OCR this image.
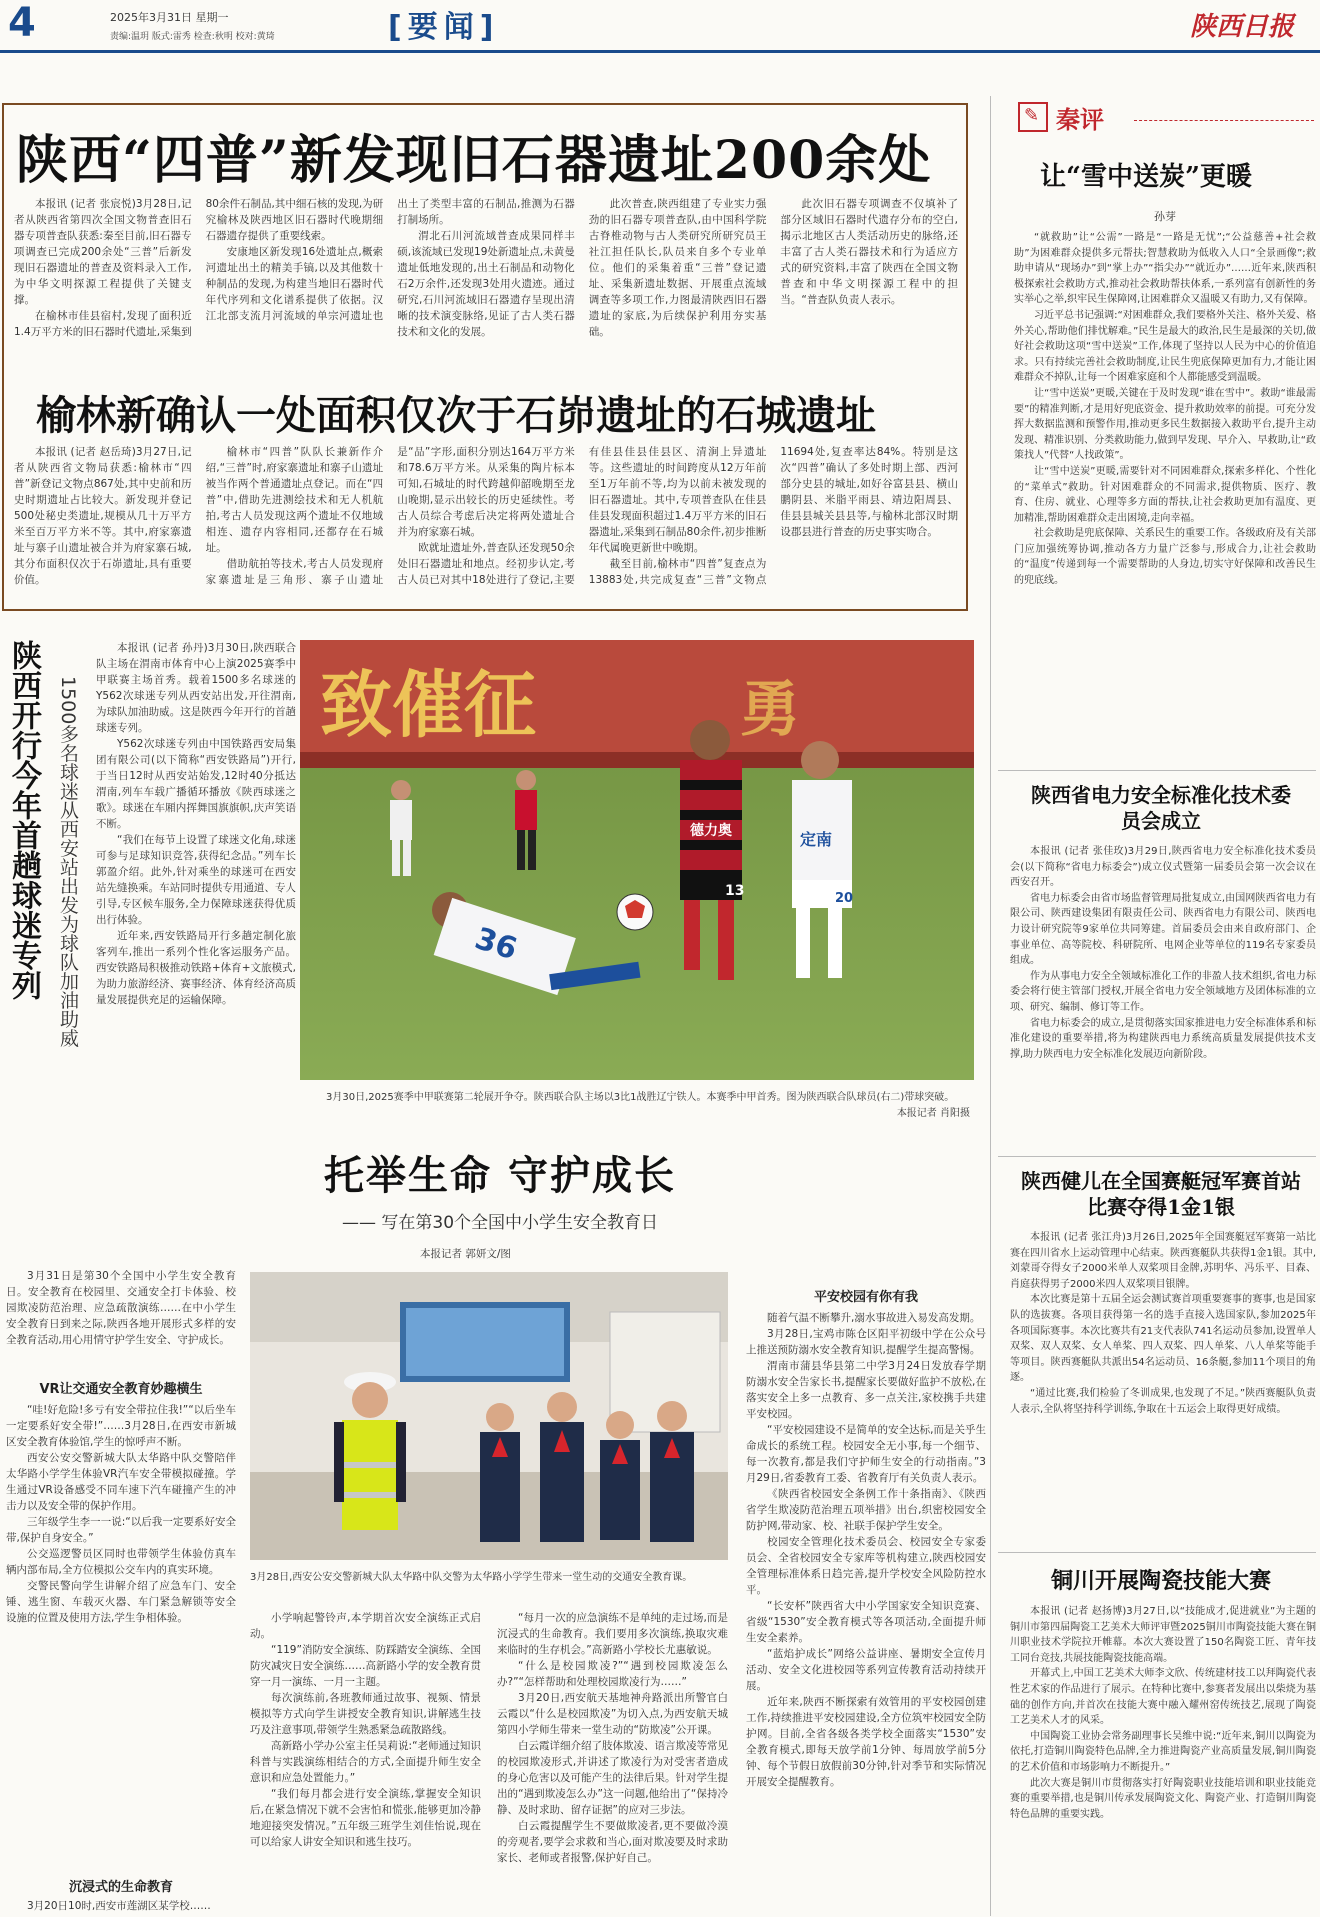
4	2025年3月31日 星期一
责编:温玥 版式:雷秀 检查:秋明 校对:黄琦	[要闻]	陕西日报
陕西“四普”新发现旧石器遗址200余处

本报讯 (记者 张宸悦)3月28日,记者从陕西省第四次全国文物普查旧石器专项普查队获悉:秦至目前,旧石器专项调查已完成200余处“三普”后新发现旧石器遗址的普查及资料录入工作,为中华文明探源工程提供了关键支撑。

在榆林市佳县宿村,发现了面积近1.4万平方米的旧石器时代遗址,采集到80余件石制品,其中细石核的发现,为研究榆林及陕西地区旧石器时代晚期细石器遗存提供了重要线索。

安康地区新发现16处遗址点,概索河遗址出土的精美手镐,以及其他数十种制品的发现,为构建当地旧石器时代年代序列和文化谱系提供了依据。汉江北部支流月河流域的单宗河遗址也出土了类型丰富的石制品,推测为石器打制场所。

渭北石川河流域普查成果同样丰硕,该流域已发现19处新遗址点,未黄曼遗址低地发现的,出土石制品和动物化石2万余件,还发现3处用火遗迹。通过研究,石川河流域旧石器遗存呈现出清晰的技术演变脉络,见证了古人类石器技术和文化的发展。

此次普查,陕西组建了专业实力强劲的旧石器专项普查队,由中国科学院古脊椎动物与古人类研究所研究员王社江担任队长,队员来自多个专业单位。他们的采集着重“三普”登记遗址、采集新遗址数据、开展重点流域调查等多项工作,力图最清陕西旧石器遗址的家底,为后续保护利用夯实基础。

此次旧石器专项调查不仅填补了部分区域旧石器时代遗存分布的空白,揭示北地区古人类活动历史的脉络,还丰富了古人类石器技术和行为适应方式的研究资料,丰富了陕西在全国文物普查和中华文明探源工程中的担当。“普查队负责人表示。

榆林新确认一处面积仅次于石峁遗址的石城遗址

本报讯 (记者 赵岳琦)3月27日,记者从陕西省文物局获悉:榆林市“四普”新登记文物点867处,其中史前和历史时期遗址占比较大。新发现并登记500处秘史类遗址,规模从几十万平方米至百万平方米不等。其中,府家寨遗址与寨子山遗址被合并为府家寨石城,其分布面积仅次于石峁遗址,具有重要价值。

榆林市“四普”队队长兼新作介绍,“三普”时,府家寨遗址和寨子山遗址被当作两个普通遗址点登记。而在“四普”中,借助先进测绘技术和无人机航拍,考古人员发现这两个遗址不仅地域相连、遗存内容相同,还都存在石城址。

借助航拍等技术,考古人员发现府家寨遗址是三角形、寨子山遗址是“品”字形,面积分别达164万平方米和78.6万平方米。从采集的陶片标本可知,石城址的时代跨越仰韶晚期至龙山晚期,显示出较长的历史延续性。考古人员综合考虑后决定将两处遗址合并为府家寨石城。

欧就址遗址外,普查队还发现50余处旧石器遗址和地点。经初步认定,考古人员已对其中18处进行了登记,主要有佳县佳县佳县区、清涧上异遗址等。这些遗址的时间跨度从12万年前至1万年前不等,均为以前未被发现的旧石器遗址。其中,专项普查队在佳县佳县发现面积超过1.4万平方米的旧石器遗址,采集到石制品80余件,初步推断年代属晚更新世中晚期。

截至目前,榆林市“四普”复查点为13883处,共完成复查“三普”文物点11694处,复查率达84%。特别是这次“四普”确认了多处时期上部、西河部分史县的城址,如好谷富县县、横山鹏阴县、米脂平雨县、靖边阳周县、佳县县城关县县等,与榆林北部汉时期设郡县进行普查的历史事实吻合。

✎ 秦评
让“雪中送炭”更暖
孙芽

“就救助”让“公需”一路是“一路是无忧”;“公益慈善+社会救助”为困难群众提供多元帮扶;智慧救助为低收入人口“全景画像”;救助申请从“现场办”到“掌上办”“指尖办”“就近办”……近年来,陕西积极探索社会救助方式,推动社会救助帮扶体系,一系列富有创新性的务实举心之举,织牢民生保障网,让困难群众又温暖又有助力,又有保障。

习近平总书记强调:“对困难群众,我们要格外关注、格外关爱、格外关心,帮助他们排忧解难。”民生是最大的政治,民生是最深的关切,做好社会救助这项“雪中送炭”工作,体现了坚持以人民为中心的价值追求。只有持续完善社会救助制度,让民生兜底保障更加有力,才能让困难群众不掉队,让每一个困难家庭和个人都能感受到温暖。

让“雪中送炭”更暖,关键在于及时发现“谁在雪中”。救助“谁最需要”的精准判断,才是用好兜底资金、提升救助效率的前提。可充分发挥大数据监测和预警作用,推动更多民生数据接入救助平台,提升主动发现、精准识别、分类救助能力,做到早发现、早介入、早救助,让“政策找人”代替“人找政策”。

让“雪中送炭”更暖,需要针对不同困难群众,探索多样化、个性化的“菜单式”救助。针对困难群众的不同需求,提供物质、医疗、教育、住房、就业、心理等多方面的帮扶,让社会救助更加有温度、更加精准,帮助困难群众走出困境,走向幸福。

社会救助是兜底保障、关系民生的重要工作。各级政府及有关部门应加强统筹协调,推动各方力量广泛参与,形成合力,让社会救助的“温度”传递到每一个需要帮助的人身边,切实守好保障和改善民生的兜底线。

陕西开行今年首趟球迷专列 1500多名球迷从西安站出发为球队加油助威

本报讯 (记者 孙丹)3月30日,陕西联合队主场在渭南市体育中心上演2025赛季中甲联赛主场首秀。载着1500多名球迷的Y562次球迷专列从西安站出发,开往渭南,为球队加油助威。这是陕西今年开行的首趟球迷专列。

Y562次球迷专列由中国铁路西安局集团有限公司(以下简称“西安铁路局”)开行,于当日12时从西安站始发,12时40分抵达渭南,列车车载广播循环播放《陕西球迷之歌》。球迷在车厢内挥舞国旗旗帜,庆声笑语不断。

“我们在每节上设置了球迷文化角,球迷可参与足球知识竞答,获得纪念品。”列车长郭盈介绍。此外,针对乘坐的球迷可在西安站先缝换乘。车站同时提供专用通道、专人引导,专区候车服务,全力保障球迷获得优质出行体验。

近年来,西安铁路局开行多趟定制化旅客列车,推出一系列个性化客运服务产品。西安铁路局积极推动铁路+体育+文旅模式,为助力旅游经济、赛事经济、体育经济高质量发展提供充足的运输保障。

致催征	勇
德力奥
13
定南
20
36
3月30日,2025赛季中甲联赛第二轮展开争夺。陕西联合队主场以3比1战胜辽宁铁人。本赛季中甲首秀。图为陕西联合队球员(右二)带球突破。
本报记者 肖阳摄
陕西省电力安全标准化技术委员会成立

本报讯 (记者 张佳玫)3月29日,陕西省电力安全标准化技术委员会(以下简称“省电力标委会”)成立仪式暨第一届委员会第一次会议在西安召开。

省电力标委会由省市场监督管理局批复成立,由国网陕西省电力有限公司、陕西建设集团有限责任公司、陕西省电力有限公司、陕西电力设计研究院等9家单位共同筹建。首届委员会由来自政府部门、企事业单位、高等院校、科研院所、电网企业等单位的119名专家委员组成。

作为从事电力安全全领域标准化工作的非盈人技术组织,省电力标委会将行使主管部门授权,开展全省电力安全领域地方及团体标准的立项、研究、编制、修订等工作。

省电力标委会的成立,是贯彻落实国家推进电力安全标准体系和标准化建设的重要举措,将为构建陕西电力系统高质量发展提供技术支撑,助力陕西电力安全标准化发展迈向新阶段。

陕西健儿在全国赛艇冠军赛首站比赛夺得1金1银

本报讯 (记者 张江舟)3月26日,2025年全国赛艇冠军赛第一站比赛在四川省水上运动管理中心结束。陕西赛艇队共获得1金1银。其中,刘蒙哥夺得女子2000米单人双桨项目金牌,苏明华、冯乐平、目森、肖庭获得男子2000米四人双桨项目银牌。

本次比赛是第十五届全运会测试赛首项重要赛事的赛事,也是国家队的选拔赛。各项目获得第一名的选手直接入选国家队,参加2025年各项国际赛事。本次比赛共有21支代表队741名运动员参加,设置单人双桨、双人双桨、女人单桨、四人双桨、四人单桨、八人单桨等能手等项目。陕西赛艇队共派出54名运动员、16条艇,参加11个项目的角逐。

“通过比赛,我们检验了冬训成果,也发现了不足。”陕西赛艇队负责人表示,全队将坚持科学训练,争取在十五运会上取得更好成绩。

铜川开展陶瓷技能大赛

本报讯 (记者 赵扬博)3月27日,以“技能成才,促进就业”为主题的铜川市第四届陶瓷工艺美术大师评审暨2025铜川市陶瓷技能大赛在铜川职业技术学院拉开帷幕。本次大赛设置了150名陶瓷工匠、青年技工同台竞技,共展技能陶瓷技能高端。

开幕式上,中国工艺美术大师李文欣、传统建材技工以拜陶瓷代表性艺术家的作品进行了展示。在特种比赛中,参赛者发展出以柴烧为基础的创作方向,并首次在技能大赛中融入耀州窑传统技艺,展现了陶瓷工艺美术人才的风采。

中国陶瓷工业协会常务副理事长吴维中说:“近年来,铜川以陶瓷为依托,打造铜川陶瓷特色品牌,全力推进陶瓷产业高质量发展,铜川陶瓷的艺术价值和市场影响力不断提升。”

此次大赛是铜川市贯彻落实打好陶瓷职业技能培训和职业技能竞赛的重要举措,也是铜川传承发展陶瓷文化、陶瓷产业、打造铜川陶瓷特色品牌的重要实践。

托举生命 守护成长
—— 写在第30个全国中小学生安全教育日
本报记者 郭妍文/图

3月31日是第30个全国中小学生安全教育日。安全教育在校园里、交通安全打卡体验、校园欺凌防范治理、应急疏散演练……在中小学生安全教育日到来之际,陕西各地开展形式多样的安全教育活动,用心用情守护学生安全、守护成长。

VR让交通安全教育妙趣横生

“哇!好危险!多亏有安全带拉住我!”“以后坐车一定要系好安全带!”……3月28日,在西安市新城区安全教育体验馆,学生的惊呼声不断。

西安公安交警新城大队太华路中队交警陪伴太华路小学学生体验VR汽车安全带模拟碰撞。学生通过VR设备感受不同车速下汽车碰撞产生的冲击力以及安全带的保护作用。

三年级学生李一一说:“以后我一定要系好安全带,保护自身安全。”

公交巡逻警员区同时也带领学生体验仿真车辆内部布局,全方位模拟公交车内的真实环境。

交警民警向学生讲解介绍了应急车门、安全锤、逃生窗、车载灭火器、车门紧急解锁等安全设施的位置及使用方法,学生争相体验。

沉浸式的生命教育

3月20日10时,西安市莲湖区某学校……

3月28日,西安公安交警新城大队太华路中队交警为太华路小学学生带来一堂生动的交通安全教育课。

小学响起警铃声,本学期首次安全演练正式启动。

“119”消防安全演练、防踩踏安全演练、全国防灾减灾日安全演练……高新路小学的安全教育贯穿一月一演练、一月一主题。

每次演练前,各班教师通过故事、视频、情景模拟等方式向学生讲授安全教育知识,讲解逃生技巧及注意事项,带领学生熟悉紧急疏散路线。

高新路小学办公室主任吴莉说:“老师通过知识科普与实践演练相结合的方式,全面提升师生安全意识和应急处置能力。”

“我们每月都会进行安全演练,掌握安全知识后,在紧急情况下就不会害怕和慌张,能够更加冷静地迎接突发情况。”五年级三班学生刘佳怡说,现在可以给家人讲安全知识和逃生技巧。

“每月一次的应急演练不是单纯的走过场,而是沉浸式的生命教育。我们要用多次演练,换取灾难来临时的生存机会。”高新路小学校长尤惠敏说。

“什么是校园欺凌?”“遇到校园欺凌怎么办?”“怎样帮助和处理校园欺凌行为……”

3月20日,西安航天基地神舟路派出所警官白云霞以“什么是校园欺凌”为切入点,为西安航天城第四小学师生带来一堂生动的“防欺凌”公开课。

白云霞详细介绍了肢体欺凌、语言欺凌等常见的校园欺凌形式,并讲述了欺凌行为对受害者造成的身心危害以及可能产生的法律后果。针对学生提出的“遇到欺凌怎么办”这一问题,他给出了“保持冷静、及时求助、留存证据”的应对三步法。

白云霞提醒学生不要做欺凌者,更不要做冷漠的旁观者,要学会求救和当心,面对欺凌要及时求助家长、老师或者报警,保护好自己。

平安校园有你有我

随着气温不断攀升,溺水事故进入易发高发期。

3月28日,宝鸡市陈仓区阳平初级中学在公众号上推送预防溺水安全教育知识,提醒学生提高警惕。

渭南市蒲县华县第二中学3月24日发放春学期防溺水安全告家长书,提醒家长要做好监护不放松,在落实安全上多一点教育、多一点关注,家校携手共建平安校园。

“平安校园建设不是简单的安全达标,而是关乎生命成长的系统工程。校园安全无小事,每一个细节、每一次教育,都是我们守护师生安全的行动指南。”3月29日,省委教育工委、省教育厅有关负责人表示。

《陕西省校园安全条例工作十条指南》、《陕西省学生欺凌防范治理五项举措》出台,织密校园安全防护网,带动家、校、社联手保护学生安全。

校园安全管理化技术委员会、校园安全专家委员会、全省校园安全专家库等机构建立,陕西校园安全管理标准体系日趋完善,提升学校安全风险防控水平。

“长安杯”陕西省大中小学国家安全知识竞赛、省级“1530”安全教育模式等各项活动,全面提升师生安全素养。

“蓝焰护成长”网络公益讲座、暑期安全宣传月活动、安全文化进校园等系列宣传教育活动持续开展。

近年来,陕西不断探索有效管用的平安校园创建工作,持续推进平安校园建设,全方位筑牢校园安全防护网。目前,全省各级各类学校全面落实“1530”安全教育模式,即每天放学前1分钟、每周放学前5分钟、每个节假日放假前30分钟,针对季节和实际情况开展安全提醒教育。
